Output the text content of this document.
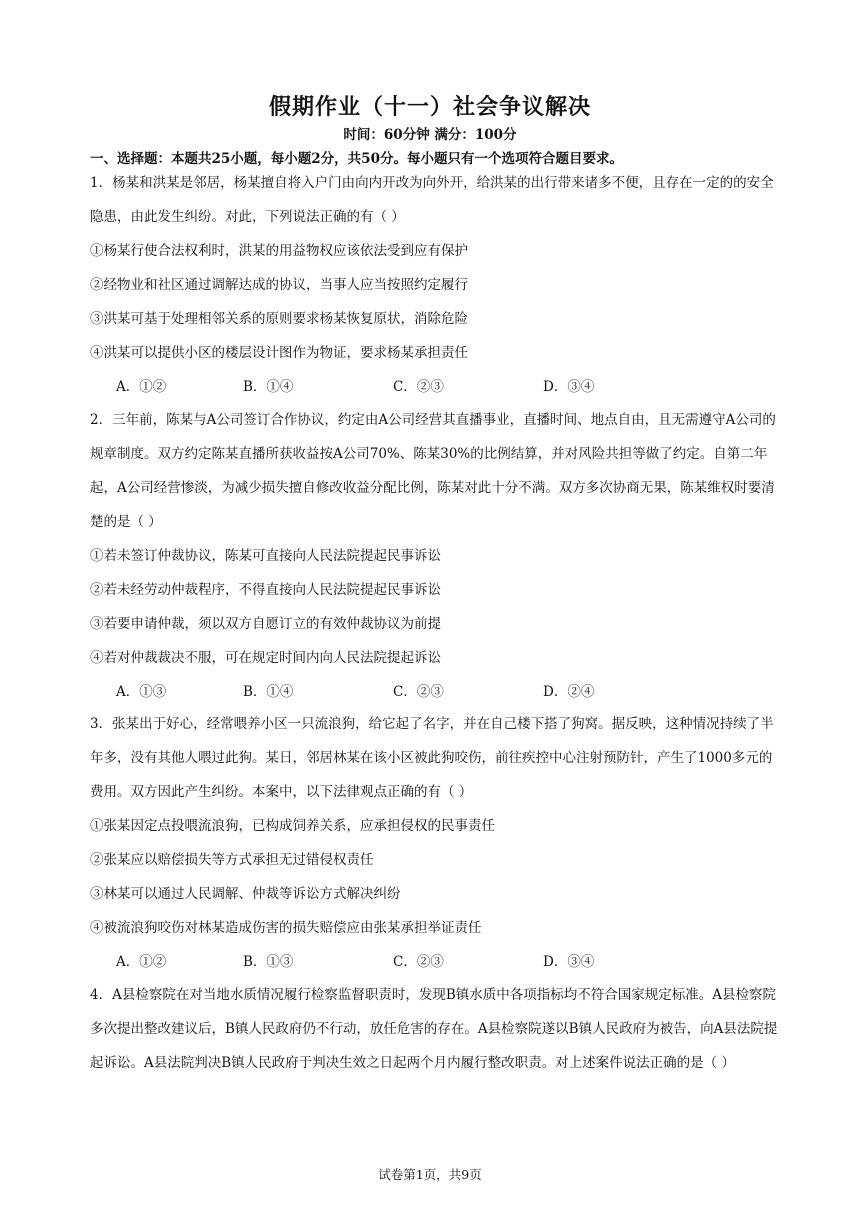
假期作业（十一）社会争议解决
时间：60分钟 满分：100分
一、选择题：本题共25小题，每小题2分，共50分。每小题只有一个选项符合题目要求。

1．杨某和洪某是邻居，杨某擅自将入户门由向内开改为向外开，给洪某的出行带来诸多不便，且存在一定的的安全隐患，由此发生纠纷。对此，下列说法正确的有（ ）

①杨某行使合法权利时，洪某的用益物权应该依法受到应有保护

②经物业和社区通过调解达成的协议，当事人应当按照约定履行

③洪某可基于处理相邻关系的原则要求杨某恢复原状，消除危险

④洪某可以提供小区的楼层设计图作为物证，要求杨某承担责任

A．①②	B．①④	C．②③	D．③④

2．三年前，陈某与A公司签订合作协议，约定由A公司经营其直播事业，直播时间、地点自由，且无需遵守A公司的规章制度。双方约定陈某直播所获收益按A公司70%、陈某30%的比例结算，并对风险共担等做了约定。自第二年起，A公司经营惨淡，为减少损失擅自修改收益分配比例，陈某对此十分不满。双方多次协商无果，陈某维权时要清楚的是（ ）

①若未签订仲裁协议，陈某可直接向人民法院提起民事诉讼

②若未经劳动仲裁程序，不得直接向人民法院提起民事诉讼

③若要申请仲裁，须以双方自愿订立的有效仲裁协议为前提

④若对仲裁裁决不服，可在规定时间内向人民法院提起诉讼

A．①③	B．①④	C．②③	D．②④

3．张某出于好心，经常喂养小区一只流浪狗，给它起了名字，并在自己楼下搭了狗窝。据反映，这种情况持续了半年多，没有其他人喂过此狗。某日，邻居林某在该小区被此狗咬伤，前往疾控中心注射预防针，产生了1000多元的费用。双方因此产生纠纷。本案中，以下法律观点正确的有（ ）

①张某因定点投喂流浪狗，已构成饲养关系，应承担侵权的民事责任

②张某应以赔偿损失等方式承担无过错侵权责任

③林某可以通过人民调解、仲裁等诉讼方式解决纠纷

④被流浪狗咬伤对林某造成伤害的损失赔偿应由张某承担举证责任

A．①②	B．①③	C．②③	D．③④

4．A县检察院在对当地水质情况履行检察监督职责时，发现B镇水质中各项指标均不符合国家规定标准。A县检察院多次提出整改建议后，B镇人民政府仍不行动，放任危害的存在。A县检察院遂以B镇人民政府为被告，向A县法院提起诉讼。A县法院判决B镇人民政府于判决生效之日起两个月内履行整改职责。对上述案件说法正确的是（ ）

试卷第1页，共9页
